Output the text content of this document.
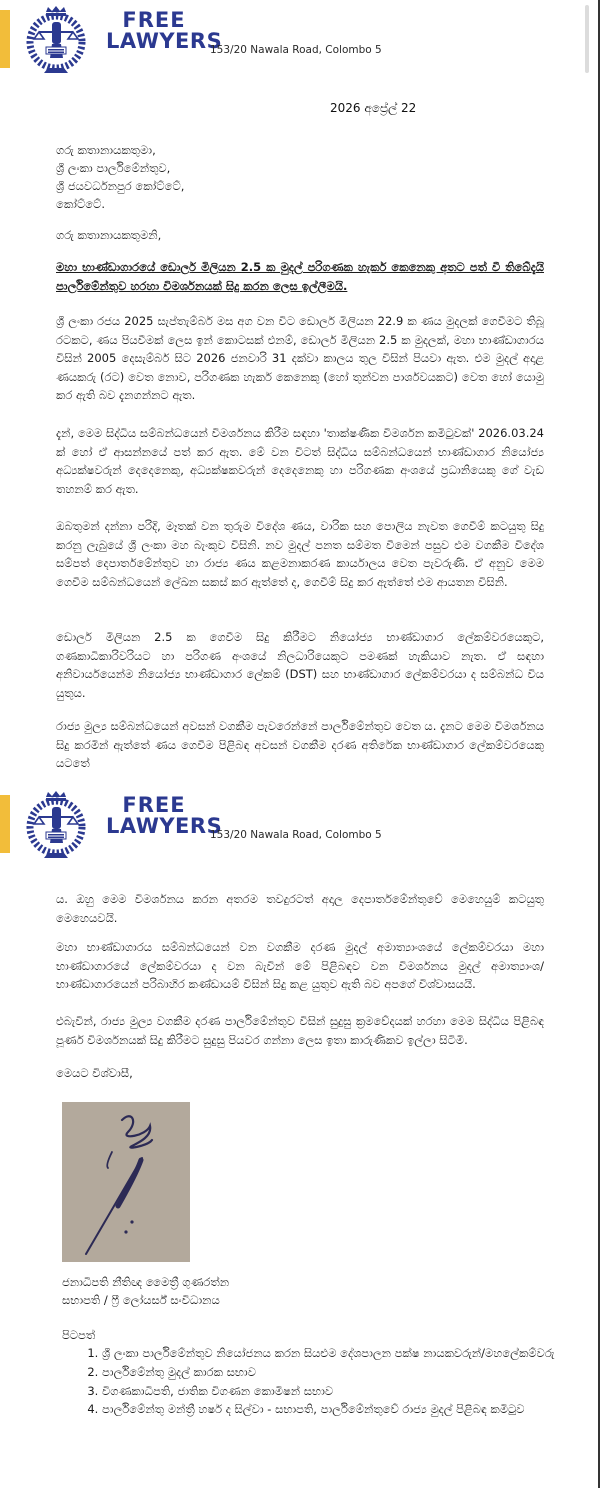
FREE
LAWYERS
153/20 Nawala Road, Colombo 5
2026 අප්‍රේල් 22
ගරු කතානායකතුමා,
ශ්‍රී ලංකා පාර්ලිමේන්තුව,
ශ්‍රී ජයවර්ධනපුර කෝට්ටේ,
කෝට්ටේ.
ගරු කතානායකතුමනි,
මහා භාණ්ඩාගාරයේ ඩොලර් මිලියන 2.5 ක මුදල් පරිගණක හැකර් කෙනෙකු අතට පත් වී තිබේදැයි පාර්ලිමේන්තුව හරහා විමර්ශනයක් සිදු කරන ලෙස ඉල්ලීමයි.
ශ්‍රී ලංකා රජය 2025 සැප්තැම්බර් මස අග වන විට ඩොලර් මිලියන 22.9 ක ණය මුදලක් ගෙවීමට තිබූ රටකට, ණය පියවීමක් ලෙස ඉන් කොටසක් එනම්, ඩොලර් මිලියන 2.5 ක මුදලක්, මහා භාණ්ඩාගාරය විසින් 2005 දෙසැම්බර් සිට 2026 ජනවාරි 31 දක්වා කාලය තුල විසින් පියවා ඇත. එම මුදල් අදාළ ණයකරු (රට) වෙත නොව, පරිගණක හැකර් කෙනෙකු (හෝ තුන්වන පාර්ශවයකට) වෙත හෝ යොමු කර ඇති බව දැනගන්නට ඇත.
දැන්, මෙම සිද්ධිය සම්බන්ධයෙන් විමර්ශනය කිරීම සඳහා 'තාක්ෂණික විමර්ශන කමිටුවක්' 2026.03.24 ක් හෝ ඒ ආසන්නයේ පත් කර ඇත. මේ වන විටත් සිද්ධිය සම්බන්ධයෙන් භාණ්ඩාගාර නියෝජ්‍ය අධ්‍යක්ෂවරුන් දෙදෙනෙකු, අධ්‍යක්ෂකවරුන් දෙදෙනෙකු හා පරිගණක අංශයේ ප්‍රධානියෙකු ගේ වැඩ තහනම් කර ඇත.
ඔබතුමන් දන්නා පරිදි, මෑතක් වන තුරුම විදේශ ණය, වාරික සහ පොලිය නැවත ගෙවීම් කටයුතු සිදු කරනු ලැබුයේ ශ්‍රී ලංකා මහ බැංකුව විසිනි. නව මුදල් පනත සම්මත වීමෙන් පසුව එම වගකීම විදේශ සම්පත් දෙපාර්තමේන්තුව හා රාජ්‍ය ණය කළමනාකරණ කාර්යාලය වෙත පැවරුණි. ඒ අනුව මෙම ගෙවීම සම්බන්ධයෙන් ලේඛන සකස් කර ඇත්තේ ද, ගෙවීම් සිදු කර ඇත්තේ එම ආයතන විසිනි.
ඩොලර් මිලියන 2.5 ක ගෙවීම සිදු කිරීමට නියෝජ්‍ය භාණ්ඩාගාර ලේකම්වරයෙකුට, ගණකාධිකාරිවරියට හා පරිගණ අංශයේ නිලධාරියෙකුට පමණක් හැකියාව නැත. ඒ සඳහා අනිවාර්යයෙන්ම නියෝජ්‍ය භාණ්ඩාගාර ලේකම් (DST) සහ භාණ්ඩාගාර ලේකම්වරයා ද සම්බන්ධ විය යුතුය.
රාජ්‍ය මුල්‍ය සම්බන්ධයෙන් අවසන් වගකීම පැවරෙන්නේ පාර්ලිමේන්තුව වෙත ය. දැනට මෙම විමර්ශනය සිදු කරමින් ඇත්තේ ණය ගෙවීම පිළිබඳ අවසන් වගකීම දරණ අතිරේක භාණ්ඩාගාර ලේකම්වරයෙකු යටතේ
FREE
LAWYERS
153/20 Nawala Road, Colombo 5
ය. ඔහු මෙම විමර්ශනය කරන අතරම තවදුරටත් අදාල දෙපාර්තමේන්තුවේ මෙහෙයුම් කටයුතු මෙහෙයවයි.
මහා භාණ්ඩාගාරය සම්බන්ධයෙන් වන වගකීම දරණ මුදල් අමාත්‍යාංශයේ ලේකම්වරයා මහා භාණ්ඩාගාරයේ ලේකම්වරයා ද වන බැවින් මේ පිළිබඳව වන විමර්ශනය මුදල් අමාත්‍යාංශ/භාණ්ඩාගාරයෙන් පරිබාහිර කණ්ඩායම් විසින් සිදු කළ යුතුව ඇති බව අපගේ විශ්වාසයයි.
එබැවින්, රාජ්‍ය මුල්‍ය වගකීම දරණ පාර්ලිමේන්තුව විසින් සුදුසු ක්‍රමවේදයක් හරහා මෙම සිද්ධිය පිළිබඳ පූර්ණ විමර්ශනයක් සිදු කිරීමට සුදුසු පියවර ගන්නා ලෙස ඉතා කාරුණිකව ඉල්ලා සිටිමි.
මෙයට විශ්වාසී,
ජනාධිපති නීතිඥ මෛත්‍රී ගුණරත්න
සභාපති / ෆ්‍රී ලෝයර්ස් සංවිධානය
පිටපත්
1. ශ්‍රී ලංකා පාර්ලිමේන්තුව නියෝජනය කරන සියළුම දේශපාලන පක්ෂ නායකවරුන්/මහලේකම්වරු
2. පාර්ලිමේන්තු මුදල් කාරක සභාව
3. විගණකාධිපති, ජාතික විගණන කොමිෂන් සභාව
4. පාර්ලිමේන්තු මන්ත්‍රී හර්ෂ ද සිල්වා - සභාපති, පාර්ලිමේන්තුවේ රාජ්‍ය මුදල් පිළිබඳ කමිටුව
